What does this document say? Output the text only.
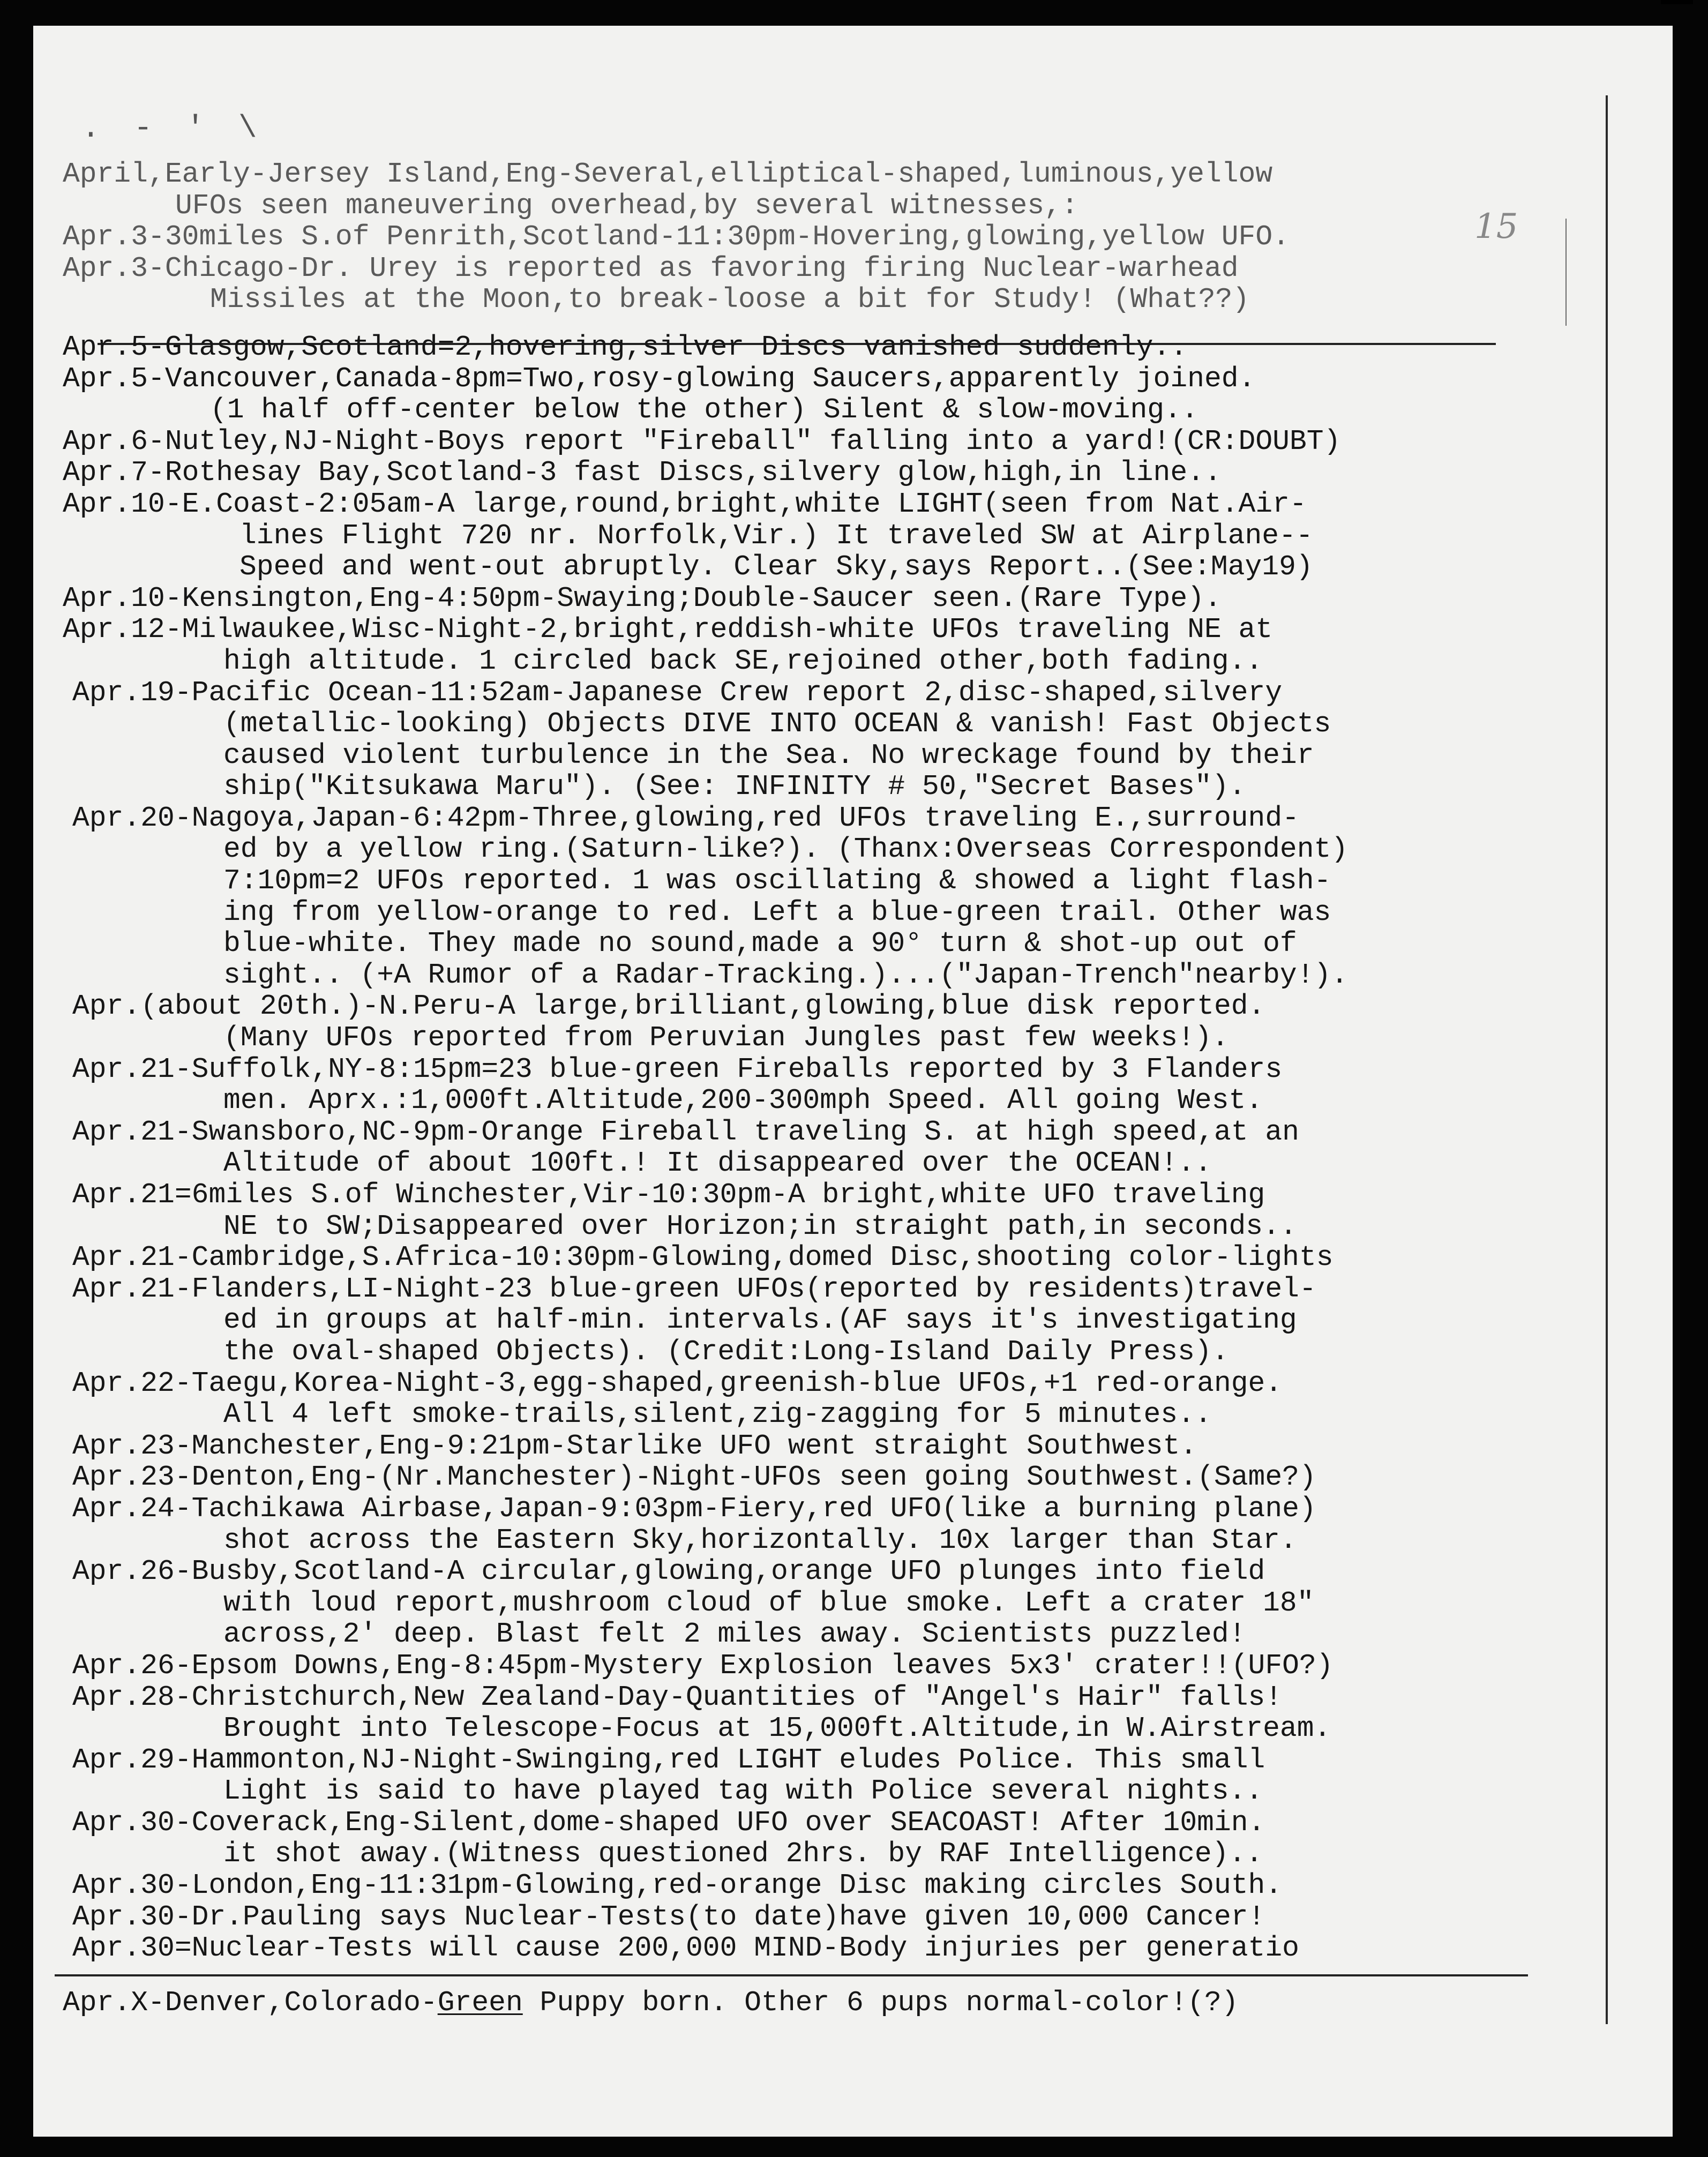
. - ' \
15
April,Early-Jersey Island,Eng-Several,elliptical-shaped,luminous,yellow
UFOs seen maneuvering overhead,by several witnesses,:
Apr.3-30miles S.of Penrith,Scotland-11:30pm-Hovering,glowing,yellow UFO.
Apr.3-Chicago-Dr. Urey is reported as favoring firing Nuclear-warhead
Missiles at the Moon,to break-loose a bit for Study! (What??)
Apr.5-Glasgow,Scotland=2,hovering,silver Discs vanished suddenly..
Apr.5-Vancouver,Canada-8pm=Two,rosy-glowing Saucers,apparently joined.
(1 half off-center below the other) Silent & slow-moving..
Apr.6-Nutley,NJ-Night-Boys report "Fireball" falling into a yard!(CR:DOUBT)
Apr.7-Rothesay Bay,Scotland-3 fast Discs,silvery glow,high,in line..
Apr.10-E.Coast-2:05am-A large,round,bright,white LIGHT(seen from Nat.Air-
lines Flight 720 nr. Norfolk,Vir.) It traveled SW at Airplane--
Speed and went-out abruptly. Clear Sky,says Report..(See:May19)
Apr.10-Kensington,Eng-4:50pm-Swaying;Double-Saucer seen.(Rare Type).
Apr.12-Milwaukee,Wisc-Night-2,bright,reddish-white UFOs traveling NE at
high altitude. 1 circled back SE,rejoined other,both fading..
Apr.19-Pacific Ocean-11:52am-Japanese Crew report 2,disc-shaped,silvery
(metallic-looking) Objects DIVE INTO OCEAN & vanish! Fast Objects
caused violent turbulence in the Sea. No wreckage found by their
ship("Kitsukawa Maru"). (See: INFINITY # 50,"Secret Bases").
Apr.20-Nagoya,Japan-6:42pm-Three,glowing,red UFOs traveling E.,surround-
ed by a yellow ring.(Saturn-like?). (Thanx:Overseas Correspondent)
7:10pm=2 UFOs reported. 1 was oscillating & showed a light flash-
ing from yellow-orange to red. Left a blue-green trail. Other was
blue-white. They made no sound,made a 90° turn & shot-up out of
sight.. (+A Rumor of a Radar-Tracking.)...("Japan-Trench"nearby!).
Apr.(about 20th.)-N.Peru-A large,brilliant,glowing,blue disk reported.
(Many UFOs reported from Peruvian Jungles past few weeks!).
Apr.21-Suffolk,NY-8:15pm=23 blue-green Fireballs reported by 3 Flanders
men. Aprx.:1,000ft.Altitude,200-300mph Speed. All going West.
Apr.21-Swansboro,NC-9pm-Orange Fireball traveling S. at high speed,at an
Altitude of about 100ft.! It disappeared over the OCEAN!..
Apr.21=6miles S.of Winchester,Vir-10:30pm-A bright,white UFO traveling
NE to SW;Disappeared over Horizon;in straight path,in seconds..
Apr.21-Cambridge,S.Africa-10:30pm-Glowing,domed Disc,shooting color-lights
Apr.21-Flanders,LI-Night-23 blue-green UFOs(reported by residents)travel-
ed in groups at half-min. intervals.(AF says it's investigating
the oval-shaped Objects). (Credit:Long-Island Daily Press).
Apr.22-Taegu,Korea-Night-3,egg-shaped,greenish-blue UFOs,+1 red-orange.
All 4 left smoke-trails,silent,zig-zagging for 5 minutes..
Apr.23-Manchester,Eng-9:21pm-Starlike UFO went straight Southwest.
Apr.23-Denton,Eng-(Nr.Manchester)-Night-UFOs seen going Southwest.(Same?)
Apr.24-Tachikawa Airbase,Japan-9:03pm-Fiery,red UFO(like a burning plane)
shot across the Eastern Sky,horizontally. 10x larger than Star.
Apr.26-Busby,Scotland-A circular,glowing,orange UFO plunges into field
with loud report,mushroom cloud of blue smoke. Left a crater 18"
across,2' deep. Blast felt 2 miles away. Scientists puzzled!
Apr.26-Epsom Downs,Eng-8:45pm-Mystery Explosion leaves 5x3' crater!!(UFO?)
Apr.28-Christchurch,New Zealand-Day-Quantities of "Angel's Hair" falls!
Brought into Telescope-Focus at 15,000ft.Altitude,in W.Airstream.
Apr.29-Hammonton,NJ-Night-Swinging,red LIGHT eludes Police. This small
Light is said to have played tag with Police several nights..
Apr.30-Coverack,Eng-Silent,dome-shaped UFO over SEACOAST! After 10min.
it shot away.(Witness questioned 2hrs. by RAF Intelligence)..
Apr.30-London,Eng-11:31pm-Glowing,red-orange Disc making circles South.
Apr.30-Dr.Pauling says Nuclear-Tests(to date)have given 10,000 Cancer!
Apr.30=Nuclear-Tests will cause 200,000 MIND-Body injuries per generatio
Apr.X-Denver,Colorado-Green Puppy born. Other 6 pups normal-color!(?)
